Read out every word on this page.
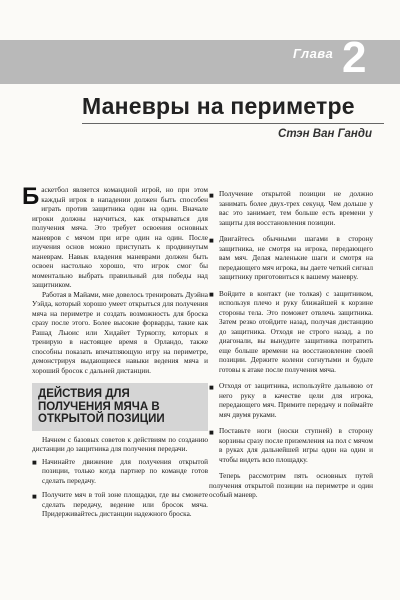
Глава 2
Маневры на периметре
Стэн Ван Ганди

Баскетбол является командной игрой, но при этом каждый игрок в нападении должен быть способен играть против защитника один на один. Вначале игроки должны научиться, как открываться для получения мяча. Это требует освоения основных маневров с мячом при игре один на один. После изучения основ можно приступать к продвинутым маневрам. Навык владения маневрами должен быть освоен настолько хорошо, что игрок смог бы моментально выбрать правильный для победы над защитником.

Работая в Майами, мне довелось тренировать Дуэйна Уэйда, который хорошо умеет открыться для получения мяча на периметре и создать возможность для броска сразу после этого. Более высокие форварды, такие как Рашад Льюис или Хидайет Туркоглу, которых я тренирую в настоящее время в Орландо, также способны показать впечатляющую игру на периметре, демонстрируя выдающиеся навыки ведения мяча и хороший бросок с дальней дистанции.

ДЕЙСТВИЯ ДЛЯ ПОЛУЧЕНИЯ МЯЧА В ОТКРЫТОЙ ПОЗИЦИИ

Начнем с базовых советов к действиям по созданию дистанции до защитника для получения передачи.

■ Начинайте движение для получения открытой позиции, только когда партнер по команде готов сделать передачу.
■ Получите мяч в той зоне площадки, где вы сможете сделать передачу, ведение или бросок мяча. Придерживайтесь дистанции надежного броска.
■ Получение открытой позиции не должно занимать более двух-трех секунд. Чем дольше у вас это занимает, тем больше есть времени у защиты для восстановления позиции.
■ Двигайтесь обычными шагами в сторону защитника, не смотря на игрока, передающего вам мяч. Делая маленькие шаги и смотря на передающего мяч игрока, вы даете четкий сигнал защитнику приготовиться к вашему маневру.
■ Войдите в контакт (не толкая) с защитником, используя плечо и руку ближайшей к корзине стороны тела. Это поможет отвлечь защитника. Затем резко отойдите назад, получая дистанцию до защитника. Отходя не строго назад, а по диагонали, вы вынудите защитника потратить еще больше времени на восстановление своей позиции. Держите колени согнутыми и будьте готовы к атаке после получения мяча.
■ Отходя от защитника, используйте дальнюю от него руку в качестве цели для игрока, передающего мяч. Примите передачу и поймайте мяч двумя руками.
■ Поставьте ноги (носки ступней) в сторону корзины сразу после приземления на пол с мячом в руках для дальнейшей игры один на один и чтобы видеть всю площадку.

Теперь рассмотрим пять основных путей получения открытой позиции на периметре и один особый маневр.
